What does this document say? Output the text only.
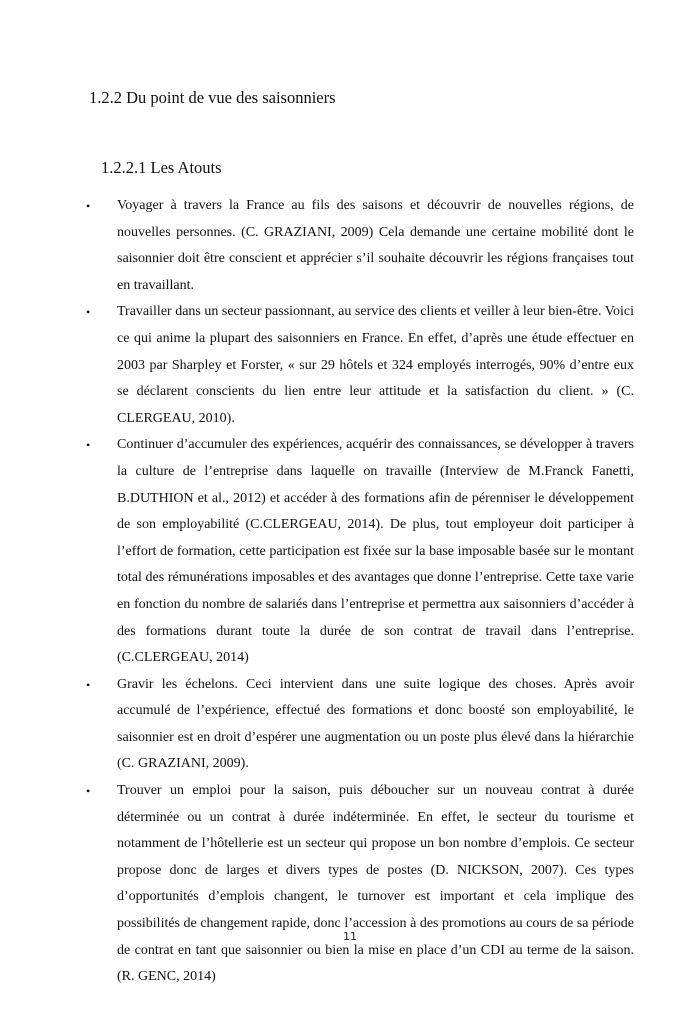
1.2.2 Du point de vue des saisonniers
1.2.2.1 Les Atouts
•	Voyager à travers la France au fils des saisons et découvrir de nouvelles régions, de nouvelles personnes. (C. GRAZIANI, 2009) Cela demande une certaine mobilité dont le saisonnier doit être conscient et apprécier s’il souhaite découvrir les régions françaises tout en travaillant.
•	Travailler dans un secteur passionnant, au service des clients et veiller à leur bien-être. Voici ce qui anime la plupart des saisonniers en France. En effet, d’après une étude effectuer en 2003 par Sharpley et Forster, « sur 29 hôtels et 324 employés interrogés, 90% d’entre eux se déclarent conscients du lien entre leur attitude et la satisfaction du client. » (C. CLERGEAU, 2010).
•	Continuer d’accumuler des expériences, acquérir des connaissances, se développer à travers la culture de l’entreprise dans laquelle on travaille (Interview de M.Franck Fanetti, B.DUTHION et al., 2012) et accéder à des formations afin de pérenniser le développement de son employabilité (C.CLERGEAU, 2014). De plus, tout employeur doit participer à l’effort de formation, cette participation est fixée sur la base imposable basée sur le montant total des rémunérations imposables et des avantages que donne l’entreprise. Cette taxe varie en fonction du nombre de salariés dans l’entreprise et permettra aux saisonniers d’accéder à des formations durant toute la durée de son contrat de travail dans l’entreprise. (C.CLERGEAU, 2014)
•	Gravir les échelons. Ceci intervient dans une suite logique des choses. Après avoir accumulé de l’expérience, effectué des formations et donc boosté son employabilité, le saisonnier est en droit d’espérer une augmentation ou un poste plus élevé dans la hiérarchie (C. GRAZIANI, 2009).
•	Trouver un emploi pour la saison, puis déboucher sur un nouveau contrat à durée déterminée ou un contrat à durée indéterminée. En effet, le secteur du tourisme et notamment de l’hôtellerie est un secteur qui propose un bon nombre d’emplois. Ce secteur propose donc de larges et divers types de postes (D. NICKSON, 2007). Ces types d’opportunités d’emplois changent, le turnover est important et cela implique des possibilités de changement rapide, donc l’accession à des promotions au cours de sa période de contrat en tant que saisonnier ou bien la mise en place d’un CDI au terme de la saison. (R. GENC, 2014)
11
